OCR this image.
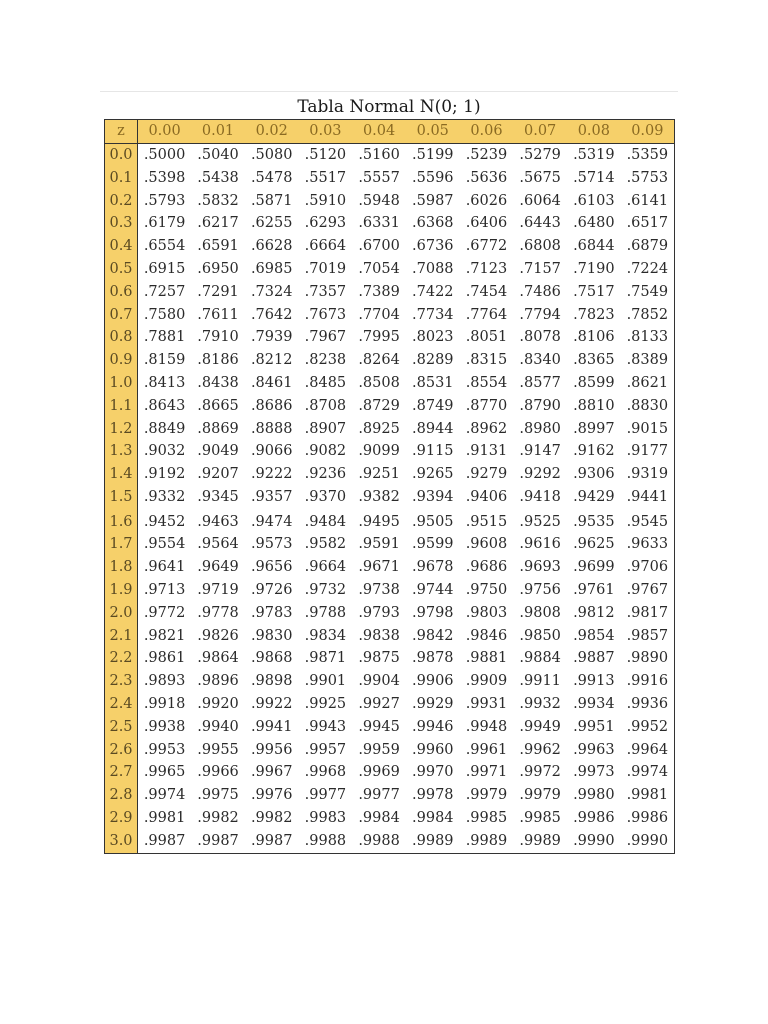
Tabla Normal N(0; 1)
z	0.00	0.01	0.02	0.03	0.04	0.05	0.06	0.07	0.08	0.09
0.0	.5000	.5040	.5080	.5120	.5160	.5199	.5239	.5279	.5319	.5359
0.1	.5398	.5438	.5478	.5517	.5557	.5596	.5636	.5675	.5714	.5753
0.2	.5793	.5832	.5871	.5910	.5948	.5987	.6026	.6064	.6103	.6141
0.3	.6179	.6217	.6255	.6293	.6331	.6368	.6406	.6443	.6480	.6517
0.4	.6554	.6591	.6628	.6664	.6700	.6736	.6772	.6808	.6844	.6879
0.5	.6915	.6950	.6985	.7019	.7054	.7088	.7123	.7157	.7190	.7224
0.6	.7257	.7291	.7324	.7357	.7389	.7422	.7454	.7486	.7517	.7549
0.7	.7580	.7611	.7642	.7673	.7704	.7734	.7764	.7794	.7823	.7852
0.8	.7881	.7910	.7939	.7967	.7995	.8023	.8051	.8078	.8106	.8133
0.9	.8159	.8186	.8212	.8238	.8264	.8289	.8315	.8340	.8365	.8389
1.0	.8413	.8438	.8461	.8485	.8508	.8531	.8554	.8577	.8599	.8621
1.1	.8643	.8665	.8686	.8708	.8729	.8749	.8770	.8790	.8810	.8830
1.2	.8849	.8869	.8888	.8907	.8925	.8944	.8962	.8980	.8997	.9015
1.3	.9032	.9049	.9066	.9082	.9099	.9115	.9131	.9147	.9162	.9177
1.4	.9192	.9207	.9222	.9236	.9251	.9265	.9279	.9292	.9306	.9319
1.5	.9332	.9345	.9357	.9370	.9382	.9394	.9406	.9418	.9429	.9441
1.6	.9452	.9463	.9474	.9484	.9495	.9505	.9515	.9525	.9535	.9545
1.7	.9554	.9564	.9573	.9582	.9591	.9599	.9608	.9616	.9625	.9633
1.8	.9641	.9649	.9656	.9664	.9671	.9678	.9686	.9693	.9699	.9706
1.9	.9713	.9719	.9726	.9732	.9738	.9744	.9750	.9756	.9761	.9767
2.0	.9772	.9778	.9783	.9788	.9793	.9798	.9803	.9808	.9812	.9817
2.1	.9821	.9826	.9830	.9834	.9838	.9842	.9846	.9850	.9854	.9857
2.2	.9861	.9864	.9868	.9871	.9875	.9878	.9881	.9884	.9887	.9890
2.3	.9893	.9896	.9898	.9901	.9904	.9906	.9909	.9911	.9913	.9916
2.4	.9918	.9920	.9922	.9925	.9927	.9929	.9931	.9932	.9934	.9936
2.5	.9938	.9940	.9941	.9943	.9945	.9946	.9948	.9949	.9951	.9952
2.6	.9953	.9955	.9956	.9957	.9959	.9960	.9961	.9962	.9963	.9964
2.7	.9965	.9966	.9967	.9968	.9969	.9970	.9971	.9972	.9973	.9974
2.8	.9974	.9975	.9976	.9977	.9977	.9978	.9979	.9979	.9980	.9981
2.9	.9981	.9982	.9982	.9983	.9984	.9984	.9985	.9985	.9986	.9986
3.0	.9987	.9987	.9987	.9988	.9988	.9989	.9989	.9989	.9990	.9990
